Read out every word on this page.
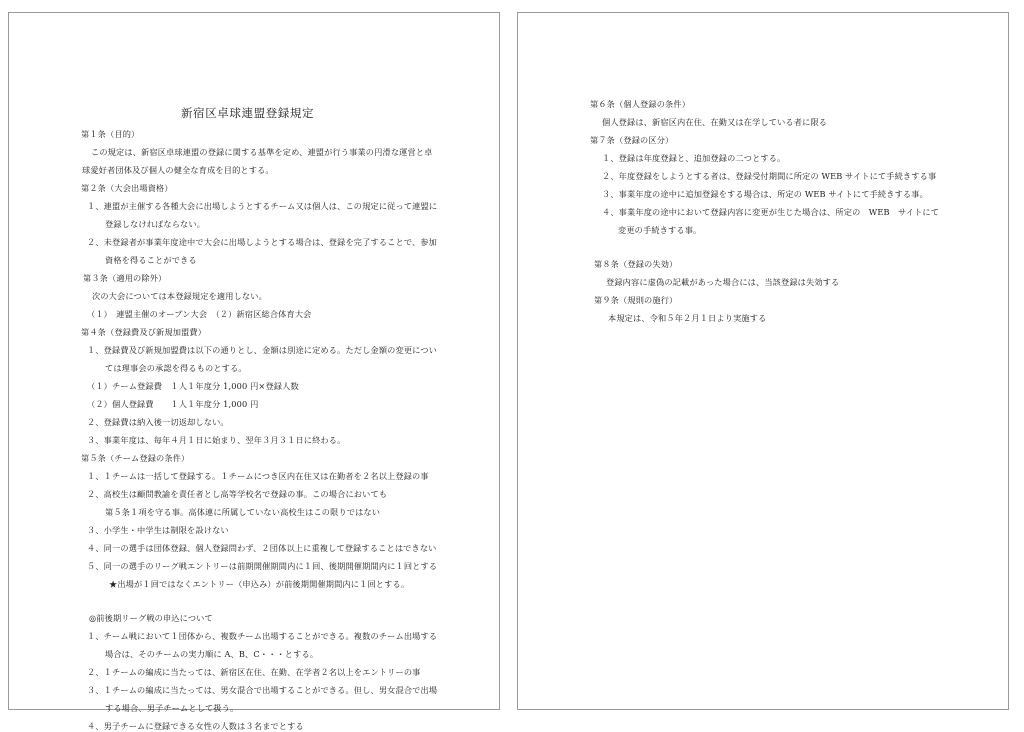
新宿区卓球連盟登録規定
第１条（目的）
この規定は、新宿区卓球連盟の登録に関する基準を定め、連盟が行う事業の円滑な運営と卓
球愛好者団体及び個人の健全な育成を目的とする。
第２条（大会出場資格）
１、連盟が主催する各種大会に出場しようとするチーム又は個人は、この規定に従って連盟に
登録しなければならない。
２、未登録者が事業年度途中で大会に出場しようとする場合は、登録を完了することで、参加
資格を得ることができる
第３条（適用の除外）
次の大会については本登録規定を適用しない。
（１）　連盟主催のオープン大会　（２）新宿区総合体育大会
第４条（登録費及び新規加盟費）
１、登録費及び新規加盟費は以下の通りとし、金額は別途に定める。ただし金額の変更につい
ては理事会の承認を得るものとする。
（１）チーム登録費　１人１年度分 1,000 円×登録人数
（２）個人登録費　　１人１年度分 1,000 円
２、登録費は納入後一切返却しない。
３、事業年度は、毎年４月１日に始まり、翌年３月３１日に終わる。
第５条（チーム登録の条件）
１、１チームは一括して登録する。１チームにつき区内在住又は在勤者を２名以上登録の事
２、高校生は顧問教諭を責任者とし高等学校名で登録の事。この場合においても
第５条１項を守る事。高体連に所属していない高校生はこの限りではない
３、小学生・中学生は制限を設けない
４、同一の選手は団体登録、個人登録問わず、２団体以上に重複して登録することはできない
５、同一の選手のリーグ戦エントリーは前期開催期間内に１回、後期開催期間内に１回とする
★出場が１回ではなくエントリー（申込み）が前後期開催期間内に１回とする。
◎前後期リーグ戦の申込について
１、チーム戦において１団体から、複数チーム出場することができる。複数のチーム出場する
場合は、そのチームの実力順に A、B、C・・・とする。
２、１チームの編成に当たっては、新宿区在住、在勤、在学者２名以上をエントリーの事
３、１チームの編成に当たっては、男女混合で出場することができる。但し、男女混合で出場
する場合、男子チームとして扱う。
４、男子チームに登録できる女性の人数は３名までとする
第６条（個人登録の条件）
個人登録は、新宿区内在住、在勤又は在学している者に限る
第７条（登録の区分）
１、登録は年度登録と、追加登録の二つとする。
２、年度登録をしようとする者は、登録受付期間に所定の WEB サイトにて手続きする事
３、事業年度の途中に追加登録をする場合は、所定の WEB サイトにて手続きする事。
４、事業年度の途中において登録内容に変更が生じた場合は、所定の　WEB　サイトにて
変更の手続きする事。
第８条（登録の失効）
登録内容に虚偽の記載があった場合には、当該登録は失効する
第９条（規則の施行）
本規定は、令和５年２月１日より実施する
